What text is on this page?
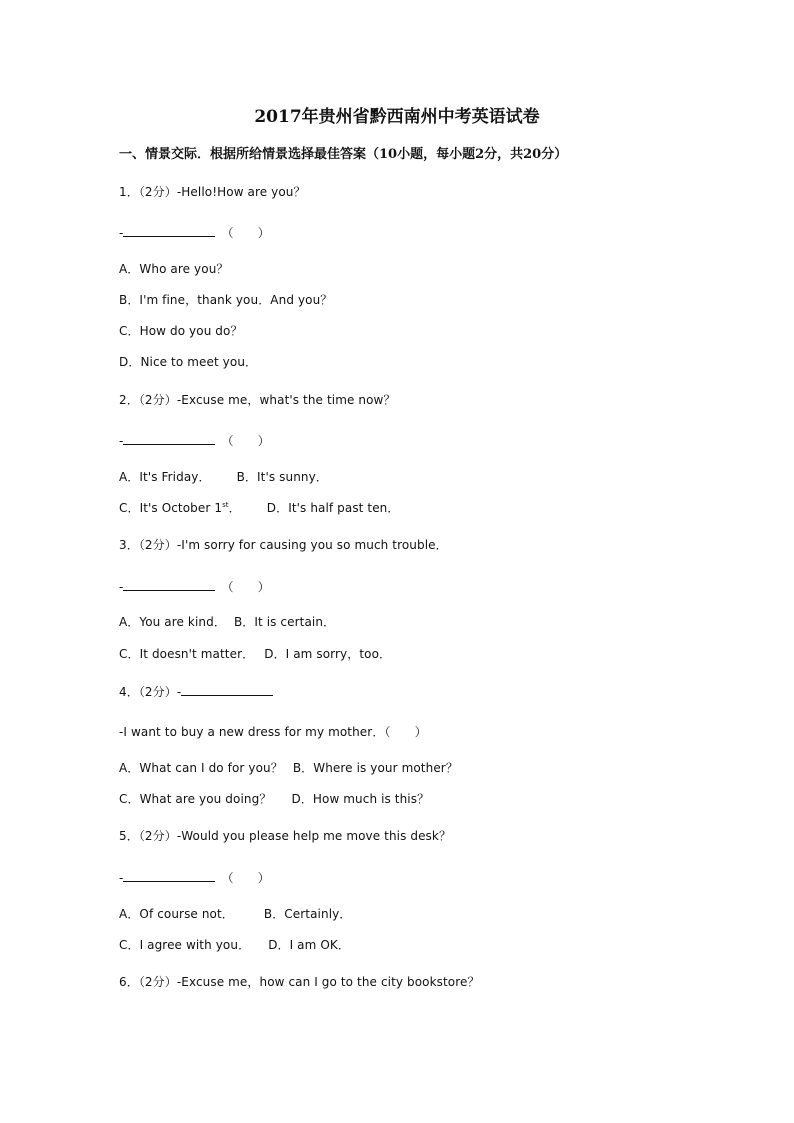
2017年贵州省黔西南州中考英语试卷
一、情景交际．根据所给情景选择最佳答案（10小题，每小题2分，共20分）
1．（2分）-Hello!How are you？
-	（　　）
A．Who are you？
B．I'm fine，thank you．And you？
C．How do you do？
D．Nice to meet you．
2．（2分）-Excuse me，what's the time now？
-	（　　）
A．It's Friday． B．It's sunny．
C．It's October 1st． D．It's half past ten．
3．（2分）-I'm sorry for causing you so much trouble．
-	（　　）
A．You are kind． B．It is certain．
C．It doesn't matter． D．I am sorry，too．
4．（2分）-
-I want to buy a new dress for my mother．（　　）
A．What can I do for you？ B．Where is your mother？
C．What are you doing？ D．How much is this？
5．（2分）-Would you please help me move this desk？
-	（　　）
A．Of course not．	B．Certainly．
C．I agree with you． D．I am OK．
6．（2分）-Excuse me，how can I go to the city bookstore？
